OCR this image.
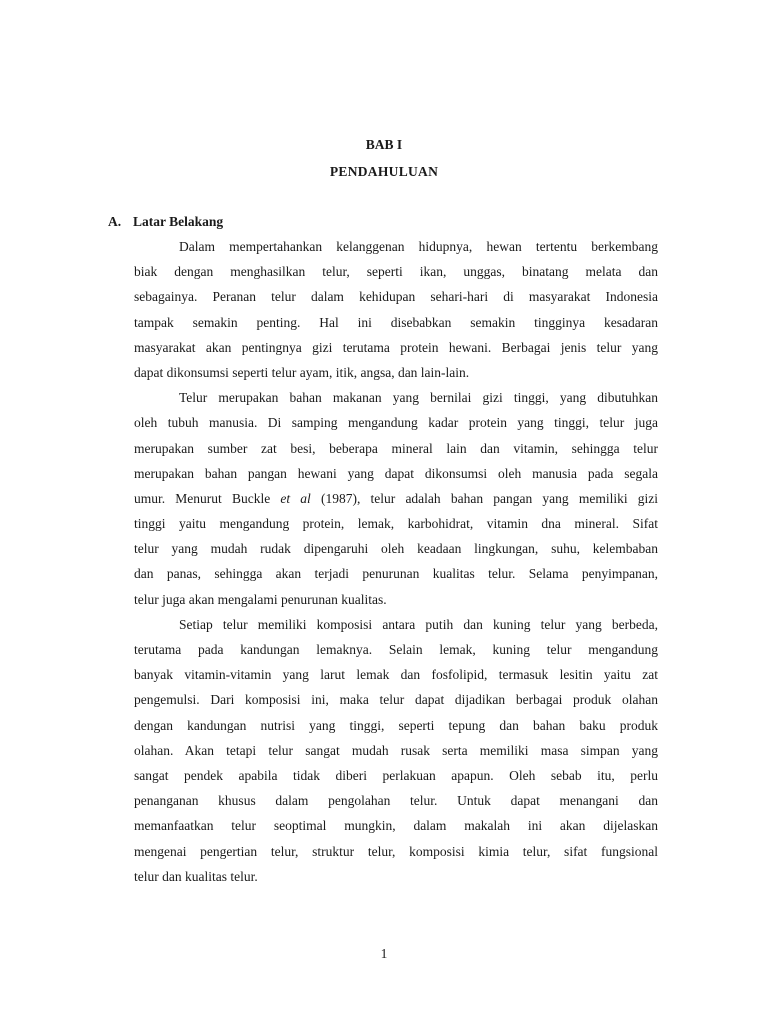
BAB I
PENDAHULUAN
A. Latar Belakang
Dalam mempertahankan kelanggenan hidupnya, hewan tertentu berkembang
biak dengan menghasilkan telur, seperti ikan, unggas, binatang melata dan
sebagainya. Peranan telur dalam kehidupan sehari-hari di masyarakat Indonesia
tampak semakin penting. Hal ini disebabkan semakin tingginya kesadaran
masyarakat akan pentingnya gizi terutama protein hewani. Berbagai jenis telur yang
dapat dikonsumsi seperti telur ayam, itik, angsa, dan lain-lain.
Telur merupakan bahan makanan yang bernilai gizi tinggi, yang dibutuhkan
oleh tubuh manusia. Di samping mengandung kadar protein yang tinggi, telur juga
merupakan sumber zat besi, beberapa mineral lain dan vitamin, sehingga telur
merupakan bahan pangan hewani yang dapat dikonsumsi oleh manusia pada segala
umur. Menurut Buckle et al (1987), telur adalah bahan pangan yang memiliki gizi
tinggi yaitu mengandung protein, lemak, karbohidrat, vitamin dna mineral. Sifat
telur yang mudah rudak dipengaruhi oleh keadaan lingkungan, suhu, kelembaban
dan panas, sehingga akan terjadi penurunan kualitas telur. Selama penyimpanan,
telur juga akan mengalami penurunan kualitas.
Setiap telur memiliki komposisi antara putih dan kuning telur yang berbeda,
terutama pada kandungan lemaknya. Selain lemak, kuning telur mengandung
banyak vitamin-vitamin yang larut lemak dan fosfolipid, termasuk lesitin yaitu zat
pengemulsi. Dari komposisi ini, maka telur dapat dijadikan berbagai produk olahan
dengan kandungan nutrisi yang tinggi, seperti tepung dan bahan baku produk
olahan. Akan tetapi telur sangat mudah rusak serta memiliki masa simpan yang
sangat pendek apabila tidak diberi perlakuan apapun. Oleh sebab itu, perlu
penanganan khusus dalam pengolahan telur. Untuk dapat menangani dan
memanfaatkan telur seoptimal mungkin, dalam makalah ini akan dijelaskan
mengenai pengertian telur, struktur telur, komposisi kimia telur, sifat fungsional
telur dan kualitas telur.
1
